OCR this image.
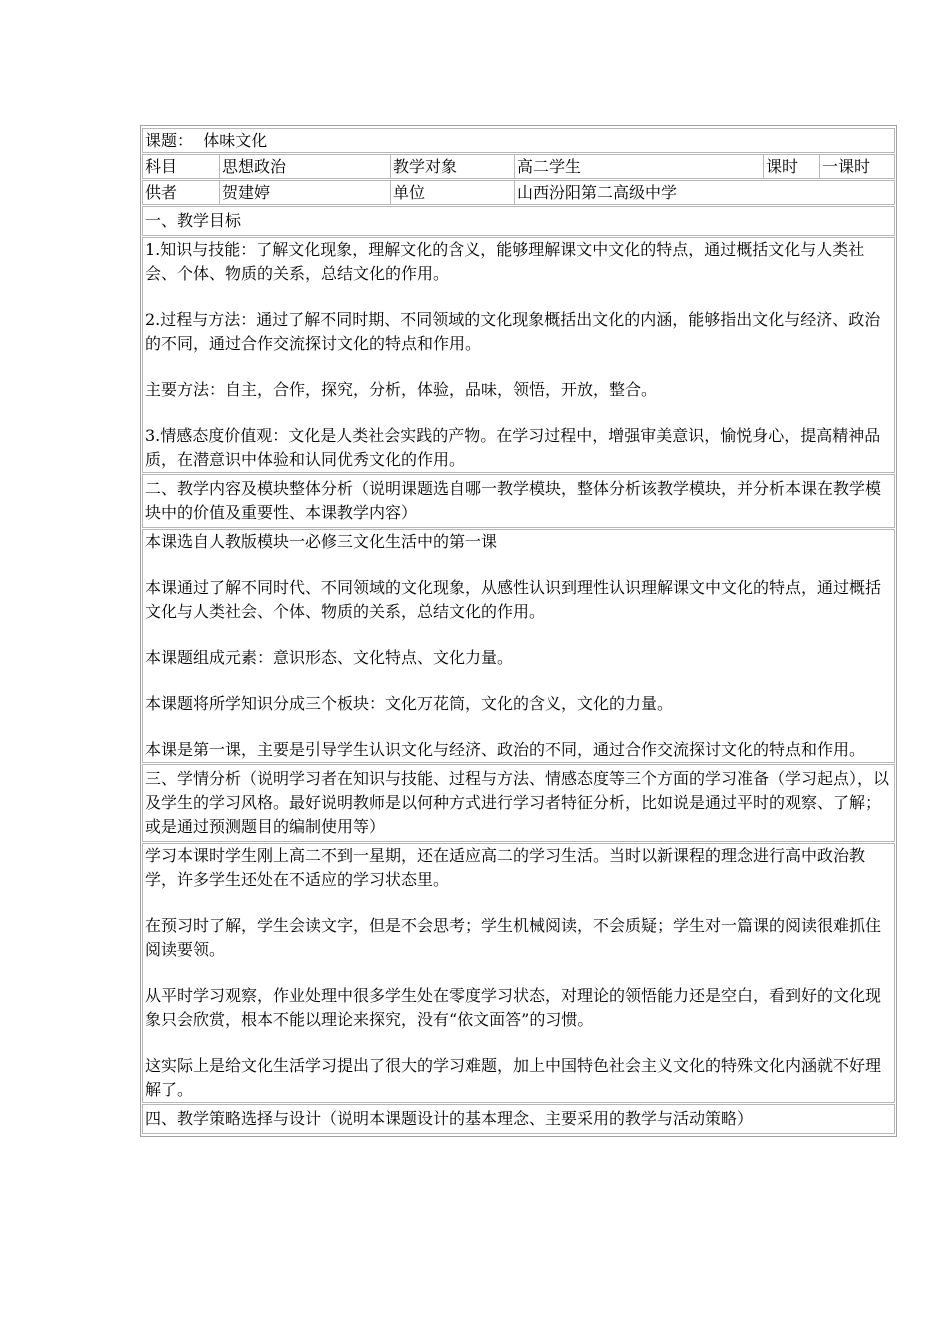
课题： 体味文化
科目	思想政治	教学对象	高二学生	课时	一课时
供者	贺建婷	单位	山西汾阳第二高级中学
一、教学目标

1.知识与技能：了解文化现象，理解文化的含义，能够理解课文中文化的特点，通过概括文化与人类社会、个体、物质的关系，总结文化的作用。

2.过程与方法：通过了解不同时期、不同领域的文化现象概括出文化的内涵，能够指出文化与经济、政治的不同，通过合作交流探讨文化的特点和作用。

主要方法：自主，合作，探究，分析，体验，品味，领悟，开放，整合。

3.情感态度价值观：文化是人类社会实践的产物。在学习过程中，增强审美意识，愉悦身心，提高精神品质，在潜意识中体验和认同优秀文化的作用。

二、教学内容及模块整体分析（说明课题选自哪一教学模块，整体分析该教学模块，并分析本课在教学模块中的价值及重要性、本课教学内容）

本课选自人教版模块一必修三文化生活中的第一课

本课通过了解不同时代、不同领域的文化现象，从感性认识到理性认识理解课文中文化的特点，通过概括文化与人类社会、个体、物质的关系，总结文化的作用。

本课题组成元素：意识形态、文化特点、文化力量。

本课题将所学知识分成三个板块：文化万花筒，文化的含义，文化的力量。

本课是第一课，主要是引导学生认识文化与经济、政治的不同，通过合作交流探讨文化的特点和作用。

三、学情分析（说明学习者在知识与技能、过程与方法、情感态度等三个方面的学习准备（学习起点），以及学生的学习风格。最好说明教师是以何种方式进行学习者特征分析，比如说是通过平时的观察、了解；或是通过预测题目的编制使用等）

学习本课时学生刚上高二不到一星期，还在适应高二的学习生活。当时以新课程的理念进行高中政治教学，许多学生还处在不适应的学习状态里。

在预习时了解，学生会读文字，但是不会思考；学生机械阅读，不会质疑；学生对一篇课的阅读很难抓住阅读要领。

从平时学习观察，作业处理中很多学生处在零度学习状态，对理论的领悟能力还是空白，看到好的文化现象只会欣赏，根本不能以理论来探究，没有“依文面答”的习惯。

这实际上是给文化生活学习提出了很大的学习难题，加上中国特色社会主义文化的特殊文化内涵就不好理解了。

四、教学策略选择与设计（说明本课题设计的基本理念、主要采用的教学与活动策略）
